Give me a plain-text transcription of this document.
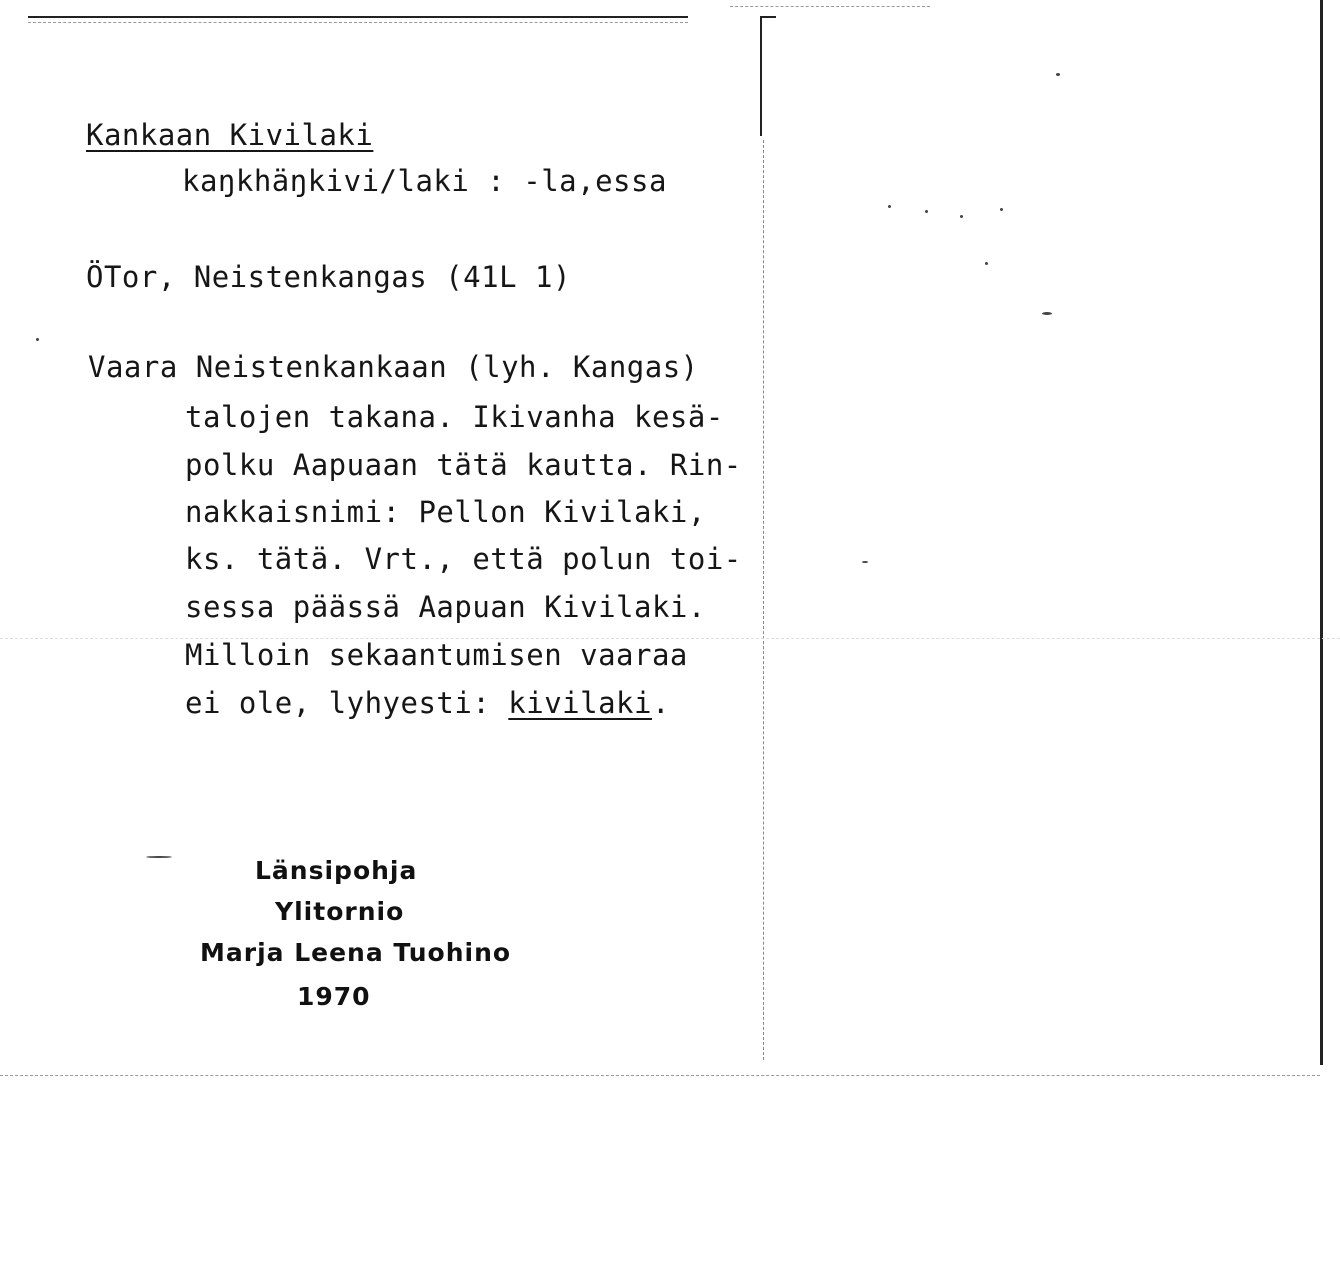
Kankaan Kivilaki
kaŋkhäŋkivi/laki : -la,essa
ÖTor, Neistenkangas (41L 1)
Vaara Neistenkankaan (lyh. Kangas)
talojen takana. Ikivanha kesä-
polku Aapuaan tätä kautta. Rin-
nakkaisnimi: Pellon Kivilaki,
ks. tätä. Vrt., että polun toi-
sessa päässä Aapuan Kivilaki.
Milloin sekaantumisen vaaraa
ei ole, lyhyesti: kivilaki.
Länsipohja
Ylitornio
Marja Leena Tuohino
1970
